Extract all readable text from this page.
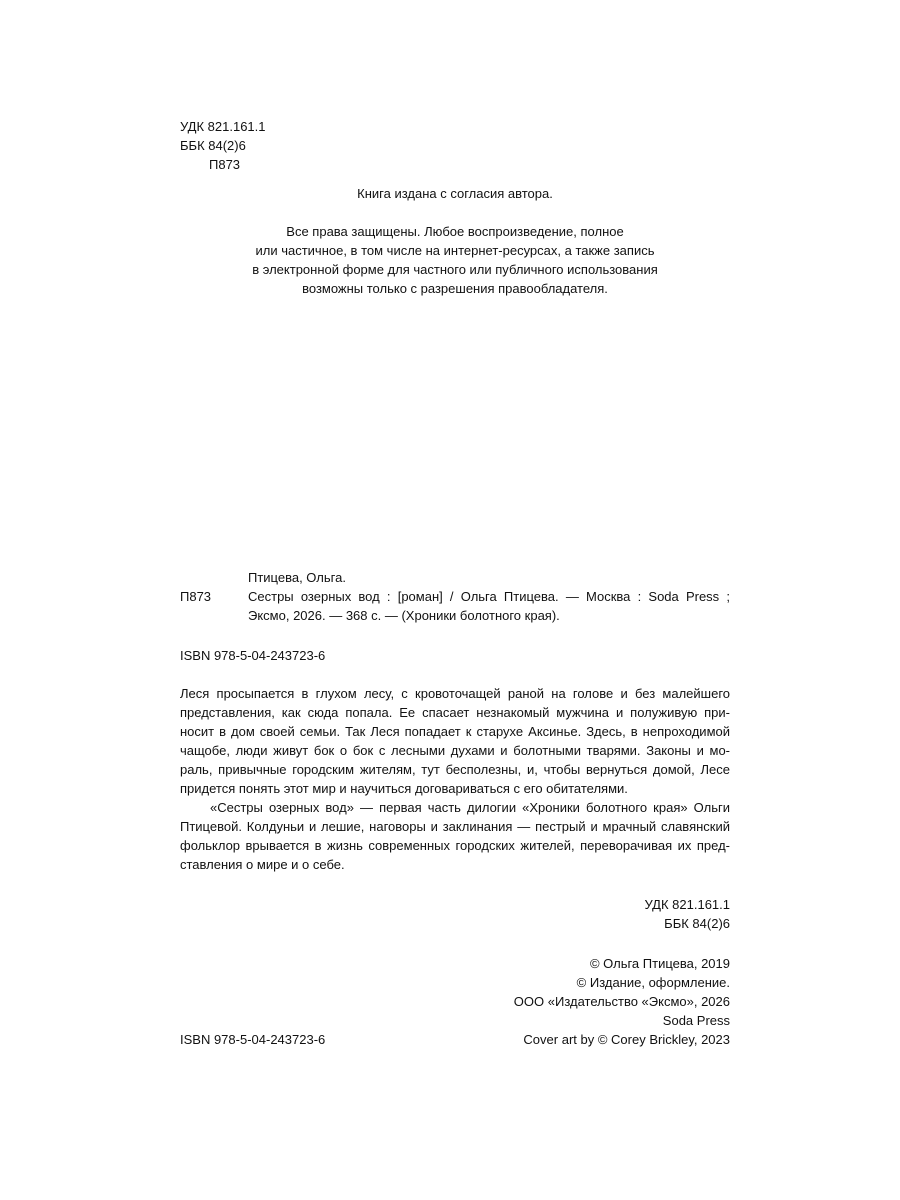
УДК 821.161.1
ББК 84(2)6
П873
Книга издана с согласия автора.
Все права защищены. Любое воспроизведение, полное
или частичное, в том числе на интернет-ресурсах, а также запись
в электронной форме для частного или публичного использования
возможны только с разрешения правообладателя.
Птицева, Ольга.
П873	Сестры озерных вод : [роман] / Ольга Птицева. — Москва : Soda Press ;
Эксмо, 2026. — 368 с. — (Хроники болотного края).
ISBN 978-5-04-243723-6
Леся просыпается в глухом лесу, с кровоточащей раной на голове и без малейшего
представления, как сюда попала. Ее спасает незнакомый мужчина и полуживую при-
носит в дом своей семьи. Так Леся попадает к старухе Аксинье. Здесь, в непроходимой
чащобе, люди живут бок о бок с лесными духами и болотными тварями. Законы и мо-
раль, привычные городским жителям, тут бесполезны, и, чтобы вернуться домой, Лесе
придется понять этот мир и научиться договариваться с его обитателями.
«Сестры озерных вод» — первая часть дилогии «Хроники болотного края» Ольги
Птицевой. Колдуньи и лешие, наговоры и заклинания — пестрый и мрачный славянский
фольклор врывается в жизнь современных городских жителей, переворачивая их пред-
ставления о мире и о себе.
УДК 821.161.1
ББК 84(2)6
© Ольга Птицева, 2019
© Издание, оформление.
ООО «Издательство «Эксмо», 2026
Soda Press
Cover art by © Corey Brickley, 2023
ISBN 978-5-04-243723-6
